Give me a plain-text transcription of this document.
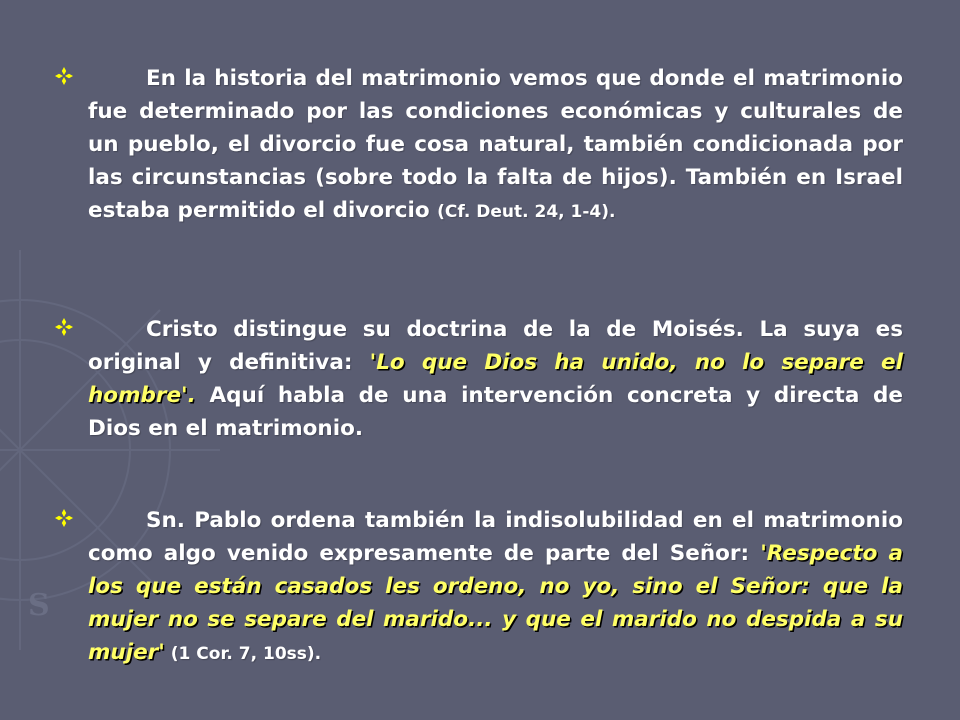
S
En la historia del matrimonio vemos que donde el matrimonio fue determinado por las condiciones económicas y culturales de un pueblo, el divorcio fue cosa natural, también condicionada por las circunstancias (sobre todo la falta de hijos). También en Israel estaba permitido el divorcio (Cf. Deut. 24, 1-4).
Cristo distingue su doctrina de la de Moisés. La suya es original y definitiva: 'Lo que Dios ha unido, no lo separe el hombre'. Aquí habla de una intervención concreta y directa de Dios en el matrimonio.
Sn. Pablo ordena también la indisolubilidad en el matrimonio como algo venido expresamente de parte del Señor: 'Respecto a los que están casados les ordeno, no yo, sino el Señor: que la mujer no se separe del marido... y que el marido no despida a su mujer' (1 Cor. 7, 10ss).
